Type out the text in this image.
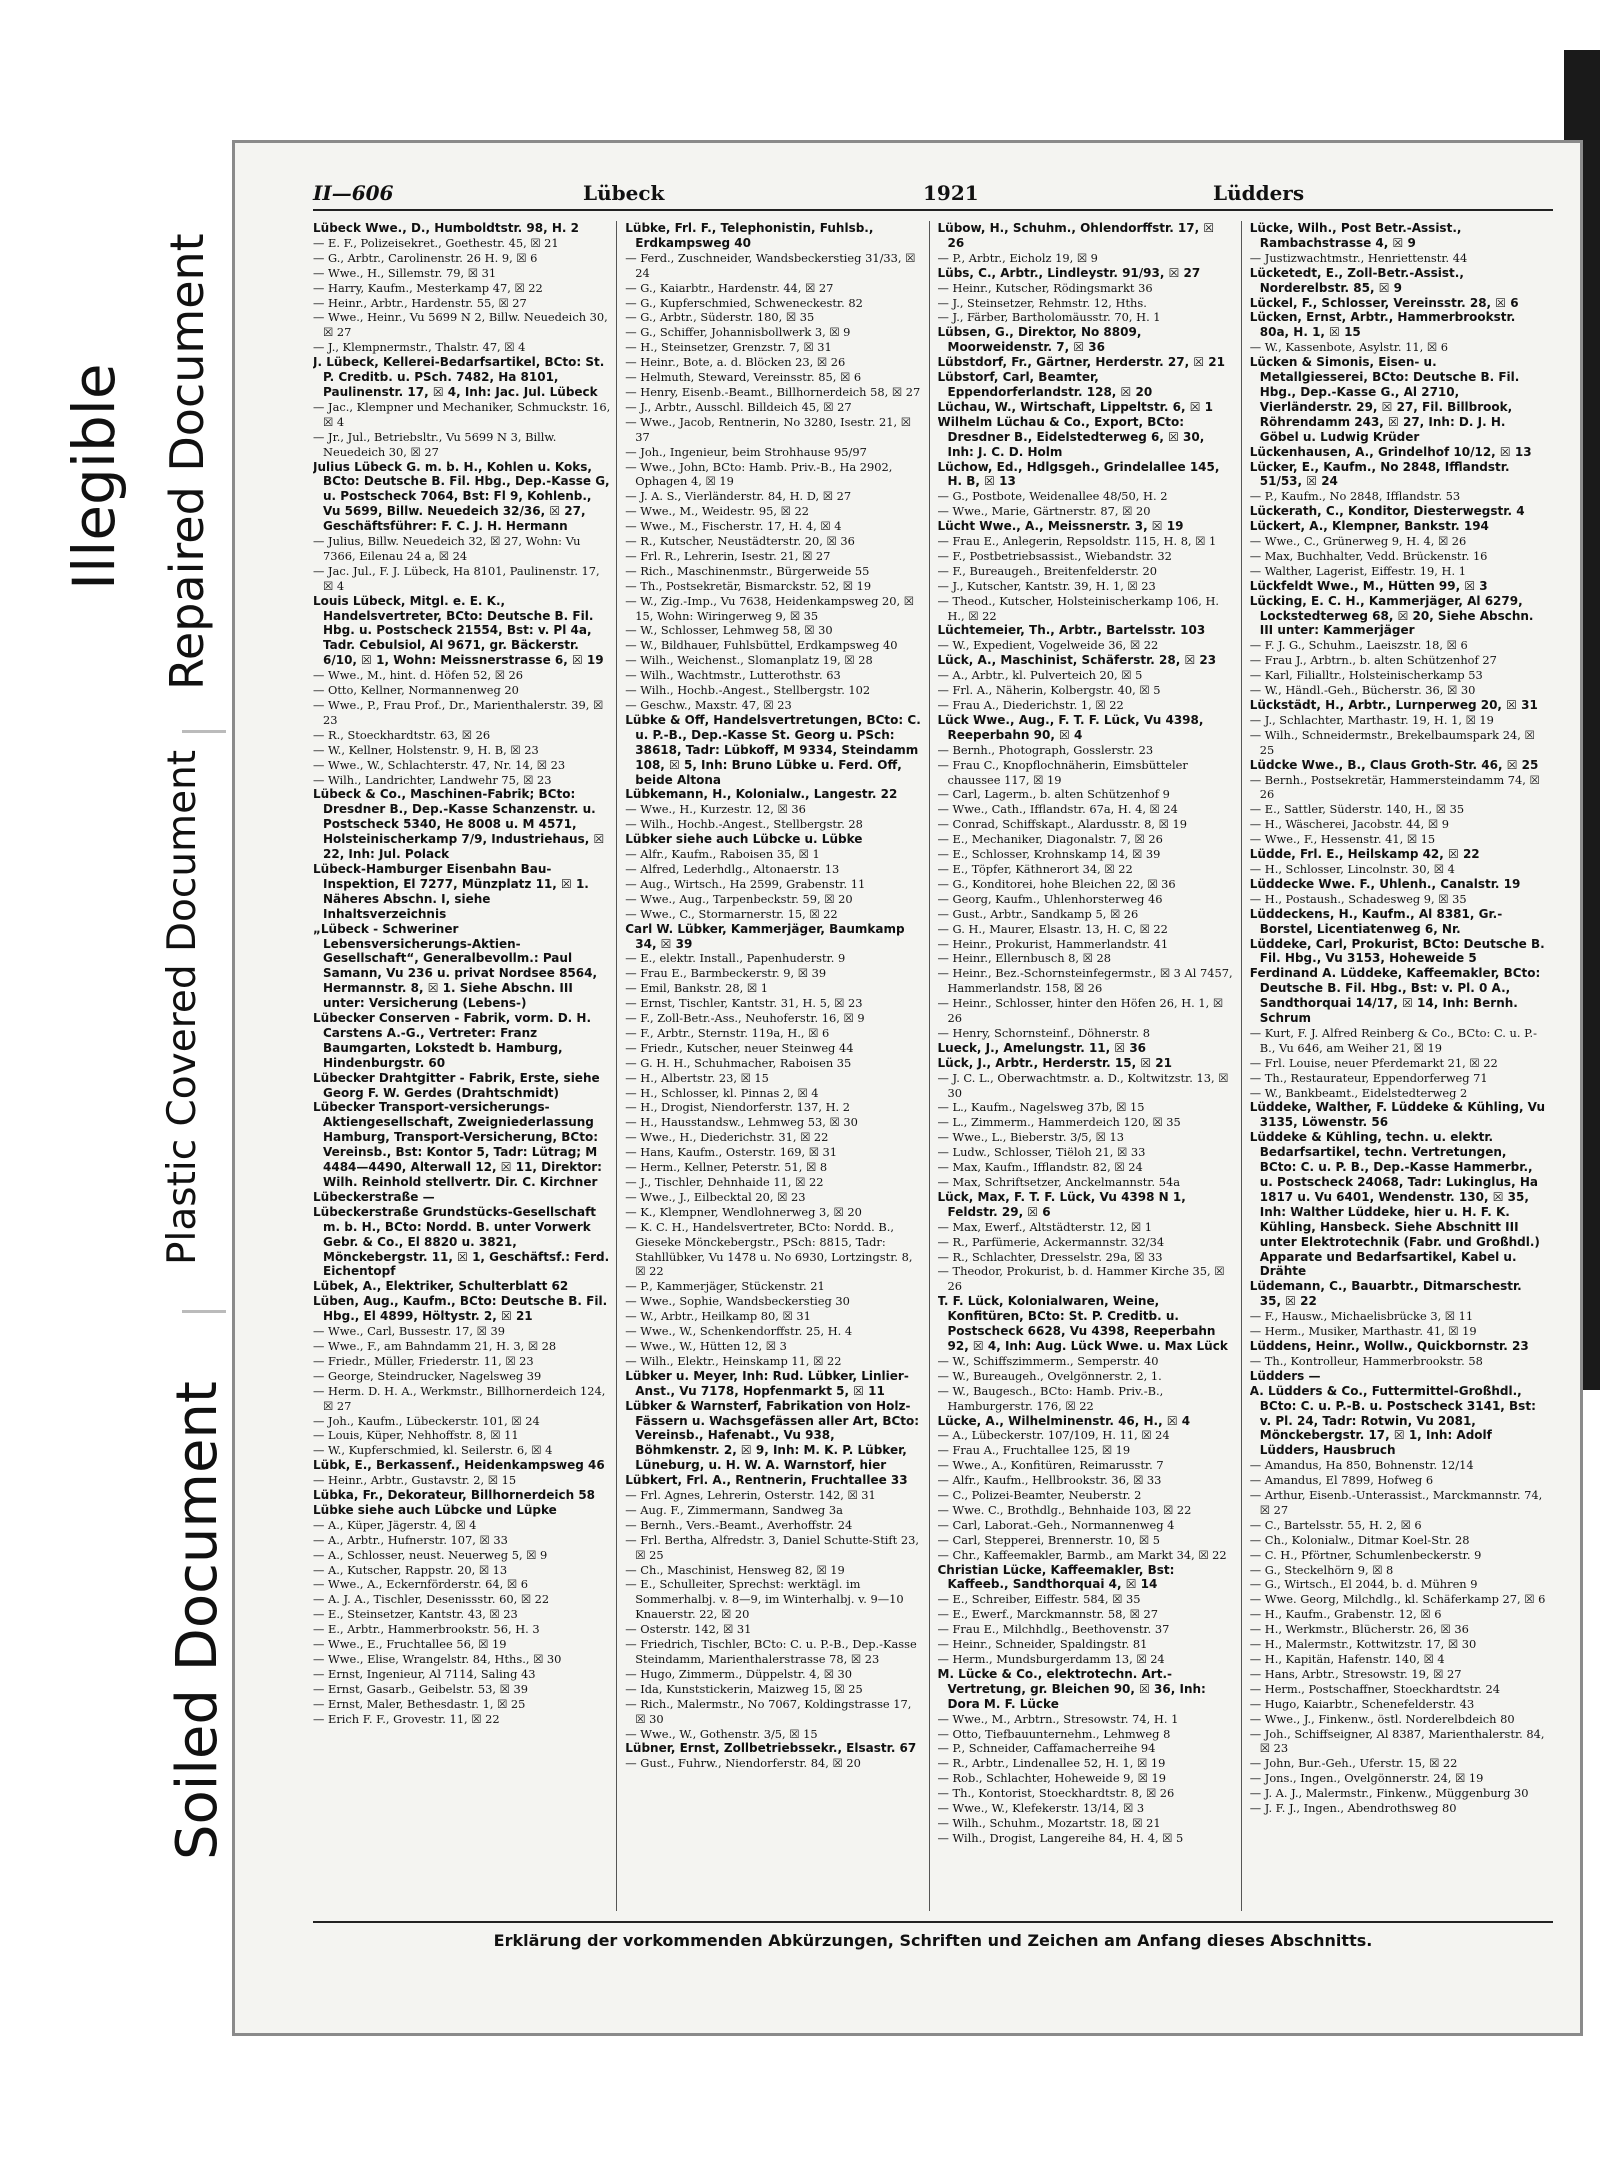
Illegible Repaired Document
Plastic Covered Document
Soiled Document
II—606	Lübeck	1921	Lüdders

Lübeck Wwe., D., Humboldtstr. 98, H. 2

— E. F., Polizeisekret., Goethestr. 45, ☒ 21

— G., Arbtr., Carolinenstr. 26 H. 9, ☒ 6

— Wwe., H., Sillemstr. 79, ☒ 31

— Harry, Kaufm., Mesterkamp 47, ☒ 22

— Heinr., Arbtr., Hardenstr. 55, ☒ 27

— Wwe., Heinr., Vu 5699 N 2, Billw. Neuedeich 30, ☒ 27

— J., Klempnermstr., Thalstr. 47, ☒ 4

J. Lübeck, Kellerei-Bedarfsartikel, BCto: St. P. Creditb. u. PSch. 7482, Ha 8101, Paulinenstr. 17, ☒ 4, Inh: Jac. Jul. Lübeck

— Jac., Klempner und Mechaniker, Schmuckstr. 16, ☒ 4

— Jr., Jul., Betriebsltr., Vu 5699 N 3, Billw. Neuedeich 30, ☒ 27

Julius Lübeck G. m. b. H., Kohlen u. Koks, BCto: Deutsche B. Fil. Hbg., Dep.-Kasse G, u. Postscheck 7064, Bst: Fl 9, Kohlenb., Vu 5699, Billw. Neuedeich 32/36, ☒ 27, Geschäftsführer: F. C. J. H. Hermann

— Julius, Billw. Neuedeich 32, ☒ 27, Wohn: Vu 7366, Eilenau 24 a, ☒ 24

— Jac. Jul., F. J. Lübeck, Ha 8101, Paulinenstr. 17, ☒ 4

Louis Lübeck, Mitgl. e. E. K., Handelsvertreter, BCto: Deutsche B. Fil. Hbg. u. Postscheck 21554, Bst: v. Pl 4a, Tadr. Cebulsiol, Al 9671, gr. Bäckerstr. 6/10, ☒ 1, Wohn: Meissnerstrasse 6, ☒ 19

— Wwe., M., hint. d. Höfen 52, ☒ 26

— Otto, Kellner, Normannenweg 20

— Wwe., P., Frau Prof., Dr., Marienthalerstr. 39, ☒ 23

— R., Stoeckhardtstr. 63, ☒ 26

— W., Kellner, Holstenstr. 9, H. B, ☒ 23

— Wwe., W., Schlachterstr. 47, Nr. 14, ☒ 23

— Wilh., Landrichter, Landwehr 75, ☒ 23

Lübeck & Co., Maschinen-Fabrik; BCto: Dresdner B., Dep.-Kasse Schanzenstr. u. Postscheck 5340, He 8008 u. M 4571, Holsteinischerkamp 7/9, Industriehaus, ☒ 22, Inh: Jul. Polack

Lübeck-Hamburger Eisenbahn Bau-Inspektion, El 7277, Münzplatz 11, ☒ 1. Näheres Abschn. I, siehe Inhaltsverzeichnis

„Lübeck - Schweriner Lebensversicherungs-Aktien-Gesellschaft“, Generalbevollm.: Paul Samann, Vu 236 u. privat Nordsee 8564, Hermannstr. 8, ☒ 1. Siehe Abschn. III unter: Versicherung (Lebens-)

Lübecker Conserven - Fabrik, vorm. D. H. Carstens A.-G., Vertreter: Franz Baumgarten, Lokstedt b. Hamburg, Hindenburgstr. 60

Lübecker Drahtgitter - Fabrik, Erste, siehe Georg F. W. Gerdes (Drahtschmidt)

Lübecker Transport-versicherungs-Aktiengesellschaft, Zweigniederlassung Hamburg, Transport-Versicherung, BCto: Vereinsb., Bst: Kontor 5, Tadr: Lütrag; M 4484—4490, Alterwall 12, ☒ 11, Direktor: Wilh. Reinhold stellvertr. Dir. C. Kirchner

Lübeckerstraße —

Lübeckerstraße Grundstücks-Gesellschaft m. b. H., BCto: Nordd. B. unter Vorwerk Gebr. & Co., El 8820 u. 3821, Mönckebergstr. 11, ☒ 1, Geschäftsf.: Ferd. Eichentopf

Lübek, A., Elektriker, Schulterblatt 62

Lüben, Aug., Kaufm., BCto: Deutsche B. Fil. Hbg., El 4899, Höltystr. 2, ☒ 21

— Wwe., Carl, Bussestr. 17, ☒ 39

— Wwe., F., am Bahndamm 21, H. 3, ☒ 28

— Friedr., Müller, Friederstr. 11, ☒ 23

— George, Steindrucker, Nagelsweg 39

— Herm. D. H. A., Werkmstr., Billhornerdeich 124, ☒ 27

— Joh., Kaufm., Lübeckerstr. 101, ☒ 24

— Louis, Küper, Nehhoffstr. 8, ☒ 11

— W., Kupferschmied, kl. Seilerstr. 6, ☒ 4

Lübk, E., Berkassenf., Heidenkampsweg 46

— Heinr., Arbtr., Gustavstr. 2, ☒ 15

Lübka, Fr., Dekorateur, Billhornerdeich 58

Lübke siehe auch Lübcke und Lüpke

— A., Küper, Jägerstr. 4, ☒ 4

— A., Arbtr., Hufnerstr. 107, ☒ 33

— A., Schlosser, neust. Neuerweg 5, ☒ 9

— A., Kutscher, Rappstr. 20, ☒ 13

— Wwe., A., Eckernförderstr. 64, ☒ 6

— A. J. A., Tischler, Desenissstr. 60, ☒ 22

— E., Steinsetzer, Kantstr. 43, ☒ 23

— E., Arbtr., Hammerbrookstr. 56, H. 3

— Wwe., E., Fruchtallee 56, ☒ 19

— Wwe., Elise, Wrangelstr. 84, Hths., ☒ 30

— Ernst, Ingenieur, Al 7114, Saling 43

— Ernst, Gasarb., Geibelstr. 53, ☒ 39

— Ernst, Maler, Bethesdastr. 1, ☒ 25

— Erich F. F., Grovestr. 11, ☒ 22

Lübke, Frl. F., Telephonistin, Fuhlsb., Erdkampsweg 40

— Ferd., Zuschneider, Wandsbeckerstieg 31/33, ☒ 24

— G., Kaiarbtr., Hardenstr. 44, ☒ 27

— G., Kupferschmied, Schweneckestr. 82

— G., Arbtr., Süderstr. 180, ☒ 35

— G., Schiffer, Johannisbollwerk 3, ☒ 9

— H., Steinsetzer, Grenzstr. 7, ☒ 31

— Heinr., Bote, a. d. Blöcken 23, ☒ 26

— Helmuth, Steward, Vereinsstr. 85, ☒ 6

— Henry, Eisenb.-Beamt., Billhornerdeich 58, ☒ 27

— J., Arbtr., Ausschl. Billdeich 45, ☒ 27

— Wwe., Jacob, Rentnerin, No 3280, Isestr. 21, ☒ 37

— Joh., Ingenieur, beim Strohhause 95/97

— Wwe., John, BCto: Hamb. Priv.-B., Ha 2902, Ophagen 4, ☒ 19

— J. A. S., Vierländerstr. 84, H. D, ☒ 27

— Wwe., M., Weidestr. 95, ☒ 22

— Wwe., M., Fischerstr. 17, H. 4, ☒ 4

— R., Kutscher, Neustädterstr. 20, ☒ 36

— Frl. R., Lehrerin, Isestr. 21, ☒ 27

— Rich., Maschinenmstr., Bürgerweide 55

— Th., Postsekretär, Bismarckstr. 52, ☒ 19

— W., Zig.-Imp., Vu 7638, Heidenkampsweg 20, ☒ 15, Wohn: Wiringerweg 9, ☒ 35

— W., Schlosser, Lehmweg 58, ☒ 30

— W., Bildhauer, Fuhlsbüttel, Erdkampsweg 40

— Wilh., Weichenst., Slomanplatz 19, ☒ 28

— Wilh., Wachtmstr., Lutterothstr. 63

— Wilh., Hochb.-Angest., Stellbergstr. 102

— Geschw., Maxstr. 47, ☒ 23

Lübke & Off, Handelsvertretungen, BCto: C. u. P.-B., Dep.-Kasse St. Georg u. PSch: 38618, Tadr: Lübkoff, M 9334, Steindamm 108, ☒ 5, Inh: Bruno Lübke u. Ferd. Off, beide Altona

Lübkemann, H., Kolonialw., Langestr. 22

— Wwe., H., Kurzestr. 12, ☒ 36

— Wilh., Hochb.-Angest., Stellbergstr. 28

Lübker siehe auch Lübcke u. Lübke

— Alfr., Kaufm., Raboisen 35, ☒ 1

— Alfred, Lederhdlg., Altonaerstr. 13

— Aug., Wirtsch., Ha 2599, Grabenstr. 11

— Wwe., Aug., Tarpenbeckstr. 59, ☒ 20

— Wwe., C., Stormarnerstr. 15, ☒ 22

Carl W. Lübker, Kammerjäger, Baumkamp 34, ☒ 39

— E., elektr. Install., Papenhuderstr. 9

— Frau E., Barmbeckerstr. 9, ☒ 39

— Emil, Bankstr. 28, ☒ 1

— Ernst, Tischler, Kantstr. 31, H. 5, ☒ 23

— F., Zoll-Betr.-Ass., Neuhoferstr. 16, ☒ 9

— F., Arbtr., Sternstr. 119a, H., ☒ 6

— Friedr., Kutscher, neuer Steinweg 44

— G. H. H., Schuhmacher, Raboisen 35

— H., Albertstr. 23, ☒ 15

— H., Schlosser, kl. Pinnas 2, ☒ 4

— H., Drogist, Niendorferstr. 137, H. 2

— H., Hausstandsw., Lehmweg 53, ☒ 30

— Wwe., H., Diederichstr. 31, ☒ 22

— Hans, Kaufm., Osterstr. 169, ☒ 31

— Herm., Kellner, Peterstr. 51, ☒ 8

— J., Tischler, Dehnhaide 11, ☒ 22

— Wwe., J., Eilbecktal 20, ☒ 23

— K., Klempner, Wendlohnerweg 3, ☒ 20

— K. C. H., Handelsvertreter, BCto: Nordd. B., Gieseke Mönckebergstr., PSch: 8815, Tadr: Stahllübker, Vu 1478 u. No 6930, Lortzingstr. 8, ☒ 22

— P., Kammerjäger, Stückenstr. 21

— Wwe., Sophie, Wandsbeckerstieg 30

— W., Arbtr., Heilkamp 80, ☒ 31

— Wwe., W., Schenkendorffstr. 25, H. 4

— Wwe., W., Hütten 12, ☒ 3

— Wilh., Elektr., Heinskamp 11, ☒ 22

Lübker u. Meyer, Inh: Rud. Lübker, Linlier-Anst., Vu 7178, Hopfenmarkt 5, ☒ 11

Lübker & Warnsterf, Fabrikation von Holz-Fässern u. Wachsgefässen aller Art, BCto: Vereinsb., Hafenabt., Vu 938, Böhmkenstr. 2, ☒ 9, Inh: M. K. P. Lübker, Lüneburg, u. H. W. A. Warnstorf, hier

Lübkert, Frl. A., Rentnerin, Fruchtallee 33

— Frl. Agnes, Lehrerin, Osterstr. 142, ☒ 31

— Aug. F., Zimmermann, Sandweg 3a

— Bernh., Vers.-Beamt., Averhoffstr. 24

— Frl. Bertha, Alfredstr. 3, Daniel Schutte-Stift 23, ☒ 25

— Ch., Maschinist, Hensweg 82, ☒ 19

— E., Schulleiter, Sprechst: werktägl. im Sommerhalbj. v. 8—9, im Winterhalbj. v. 9—10 Knauerstr. 22, ☒ 20

— Osterstr. 142, ☒ 31

— Friedrich, Tischler, BCto: C. u. P.-B., Dep.-Kasse Steindamm, Marienthalerstrasse 78, ☒ 23

— Hugo, Zimmerm., Düppelstr. 4, ☒ 30

— Ida, Kunststickerin, Maizweg 15, ☒ 25

— Rich., Malermstr., No 7067, Koldingstrasse 17, ☒ 30

— Wwe., W., Gothenstr. 3/5, ☒ 15

Lübner, Ernst, Zollbetriebssekr., Elsastr. 67

— Gust., Fuhrw., Niendorferstr. 84, ☒ 20

Lübow, H., Schuhm., Ohlendorffstr. 17, ☒ 26

— P., Arbtr., Eicholz 19, ☒ 9

Lübs, C., Arbtr., Lindleystr. 91/93, ☒ 27

— Heinr., Kutscher, Rödingsmarkt 36

— J., Steinsetzer, Rehmstr. 12, Hths.

— J., Färber, Bartholomäusstr. 70, H. 1

Lübsen, G., Direktor, No 8809, Moorweidenstr. 7, ☒ 36

Lübstdorf, Fr., Gärtner, Herderstr. 27, ☒ 21

Lübstorf, Carl, Beamter, Eppendorferlandstr. 128, ☒ 20

Lüchau, W., Wirtschaft, Lippeltstr. 6, ☒ 1

Wilhelm Lüchau & Co., Export, BCto: Dresdner B., Eidelstedterweg 6, ☒ 30, Inh: J. C. D. Holm

Lüchow, Ed., Hdlgsgeh., Grindelallee 145, H. B, ☒ 13

— G., Postbote, Weidenallee 48/50, H. 2

— Wwe., Marie, Gärtnerstr. 87, ☒ 20

Lücht Wwe., A., Meissnerstr. 3, ☒ 19

— Frau E., Anlegerin, Repsoldstr. 115, H. 8, ☒ 1

— F., Postbetriebsassist., Wiebandstr. 32

— F., Bureaugeh., Breitenfelderstr. 20

— J., Kutscher, Kantstr. 39, H. 1, ☒ 23

— Theod., Kutscher, Holsteinischerkamp 106, H. H., ☒ 22

Lüchtemeier, Th., Arbtr., Bartelsstr. 103

— W., Expedient, Vogelweide 36, ☒ 22

Lück, A., Maschinist, Schäferstr. 28, ☒ 23

— A., Arbtr., kl. Pulverteich 20, ☒ 5

— Frl. A., Näherin, Kolbergstr. 40, ☒ 5

— Frau A., Diederichstr. 1, ☒ 22

Lück Wwe., Aug., F. T. F. Lück, Vu 4398, Reeperbahn 90, ☒ 4

— Bernh., Photograph, Gosslerstr. 23

— Frau C., Knopflochnäherin, Eimsbütteler chaussee 117, ☒ 19

— Carl, Lagerm., b. alten Schützenhof 9

— Wwe., Cath., Ifflandstr. 67a, H. 4, ☒ 24

— Conrad, Schiffskapt., Alardusstr. 8, ☒ 19

— E., Mechaniker, Diagonalstr. 7, ☒ 26

— E., Schlosser, Krohnskamp 14, ☒ 39

— E., Töpfer, Käthnerort 34, ☒ 22

— G., Konditorei, hohe Bleichen 22, ☒ 36

— Georg, Kaufm., Uhlenhorsterweg 46

— Gust., Arbtr., Sandkamp 5, ☒ 26

— G. H., Maurer, Elsastr. 13, H. C, ☒ 22

— Heinr., Prokurist, Hammerlandstr. 41

— Heinr., Ellernbusch 8, ☒ 28

— Heinr., Bez.-Schornsteinfegermstr., ☒ 3 Al 7457, Hammerlandstr. 158, ☒ 26

— Heinr., Schlosser, hinter den Höfen 26, H. 1, ☒ 26

— Henry, Schornsteinf., Döhnerstr. 8

Lueck, J., Amelungstr. 11, ☒ 36

Lück, J., Arbtr., Herderstr. 15, ☒ 21

— J. C. L., Oberwachtmstr. a. D., Koltwitzstr. 13, ☒ 30

— L., Kaufm., Nagelsweg 37b, ☒ 15

— L., Zimmerm., Hammerdeich 120, ☒ 35

— Wwe., L., Bieberstr. 3/5, ☒ 13

— Ludw., Schlosser, Tiëloh 21, ☒ 33

— Max, Kaufm., Ifflandstr. 82, ☒ 24

— Max, Schriftsetzer, Anckelmannstr. 54a

Lück, Max, F. T. F. Lück, Vu 4398 N 1, Feldstr. 29, ☒ 6

— Max, Ewerf., Altstädterstr. 12, ☒ 1

— R., Parfümerie, Ackermannstr. 32/34

— R., Schlachter, Dresselstr. 29a, ☒ 33

— Theodor, Prokurist, b. d. Hammer Kirche 35, ☒ 26

T. F. Lück, Kolonialwaren, Weine, Konfitüren, BCto: St. P. Creditb. u. Postscheck 6628, Vu 4398, Reeperbahn 92, ☒ 4, Inh: Aug. Lück Wwe. u. Max Lück

— W., Schiffszimmerm., Semperstr. 40

— W., Bureaugeh., Ovelgönnerstr. 2, 1.

— W., Baugesch., BCto: Hamb. Priv.-B., Hamburgerstr. 176, ☒ 22

Lücke, A., Wilhelminenstr. 46, H., ☒ 4

— A., Lübeckerstr. 107/109, H. 11, ☒ 24

— Frau A., Fruchtallee 125, ☒ 19

— Wwe., A., Konfitüren, Reimarusstr. 7

— Alfr., Kaufm., Hellbrookstr. 36, ☒ 33

— C., Polizei-Beamter, Neuberstr. 2

— Wwe. C., Brothdlg., Behnhaide 103, ☒ 22

— Carl, Laborat.-Geh., Normannenweg 4

— Carl, Stepperei, Brennerstr. 10, ☒ 5

— Chr., Kaffeemakler, Barmb., am Markt 34, ☒ 22

Christian Lücke, Kaffeemakler, Bst: Kaffeeb., Sandthorquai 4, ☒ 14

— E., Schreiber, Eiffestr. 584, ☒ 35

— E., Ewerf., Marckmannstr. 58, ☒ 27

— Frau E., Milchhdlg., Beethovenstr. 37

— Heinr., Schneider, Spaldingstr. 81

— Herm., Mundsburgerdamm 13, ☒ 24

M. Lücke & Co., elektrotechn. Art.-Vertretung, gr. Bleichen 90, ☒ 36, Inh: Dora M. F. Lücke

— Wwe., M., Arbtrn., Stresowstr. 74, H. 1

— Otto, Tiefbauunternehm., Lehmweg 8

— P., Schneider, Caffamacherreihe 94

— R., Arbtr., Lindenallee 52, H. 1, ☒ 19

— Rob., Schlachter, Hoheweide 9, ☒ 19

— Th., Kontorist, Stoeckhardtstr. 8, ☒ 26

— Wwe., W., Klefekerstr. 13/14, ☒ 3

— Wilh., Schuhm., Mozartstr. 18, ☒ 21

— Wilh., Drogist, Langereihe 84, H. 4, ☒ 5

Lücke, Wilh., Post Betr.-Assist., Rambachstrasse 4, ☒ 9

— Justizwachtmstr., Henriettenstr. 44

Lücketedt, E., Zoll-Betr.-Assist., Norderelbstr. 85, ☒ 9

Lückel, F., Schlosser, Vereinsstr. 28, ☒ 6

Lücken, Ernst, Arbtr., Hammerbrookstr. 80a, H. 1, ☒ 15

— W., Kassenbote, Asylstr. 11, ☒ 6

Lücken & Simonis, Eisen- u. Metallgiesserei, BCto: Deutsche B. Fil. Hbg., Dep.-Kasse G., Al 2710, Vierländerstr. 29, ☒ 27, Fil. Billbrook, Röhrendamm 243, ☒ 27, Inh: D. J. H. Göbel u. Ludwig Krüder

Lückenhausen, A., Grindelhof 10/12, ☒ 13

Lücker, E., Kaufm., No 2848, Ifflandstr. 51/53, ☒ 24

— P., Kaufm., No 2848, Ifflandstr. 53

Lückerath, C., Konditor, Diesterwegstr. 4

Lückert, A., Klempner, Bankstr. 194

— Wwe., C., Grünerweg 9, H. 4, ☒ 26

— Max, Buchhalter, Vedd. Brückenstr. 16

— Walther, Lagerist, Eiffestr. 19, H. 1

Lückfeldt Wwe., M., Hütten 99, ☒ 3

Lücking, E. C. H., Kammerjäger, Al 6279, Lockstedterweg 68, ☒ 20, Siehe Abschn. III unter: Kammerjäger

— F. J. G., Schuhm., Laeiszstr. 18, ☒ 6

— Frau J., Arbtrn., b. alten Schützenhof 27

— Karl, Filialltr., Holsteinischerkamp 53

— W., Händl.-Geh., Bücherstr. 36, ☒ 30

Lückstädt, H., Arbtr., Lurnperweg 20, ☒ 31

— J., Schlachter, Marthastr. 19, H. 1, ☒ 19

— Wilh., Schneidermstr., Brekelbaumspark 24, ☒ 25

Lüdcke Wwe., B., Claus Groth-Str. 46, ☒ 25

— Bernh., Postsekretär, Hammersteindamm 74, ☒ 26

— E., Sattler, Süderstr. 140, H., ☒ 35

— H., Wäscherei, Jacobstr. 44, ☒ 9

— Wwe., F., Hessenstr. 41, ☒ 15

Lüdde, Frl. E., Heilskamp 42, ☒ 22

— H., Schlosser, Lincolnstr. 30, ☒ 4

Lüddecke Wwe. F., Uhlenh., Canalstr. 19

— H., Postaush., Schadesweg 9, ☒ 35

Lüddeckens, H., Kaufm., Al 8381, Gr.-Borstel, Licentiatenweg 6, Nr.

Lüddeke, Carl, Prokurist, BCto: Deutsche B. Fil. Hbg., Vu 3153, Hoheweide 5

Ferdinand A. Lüddeke, Kaffeemakler, BCto: Deutsche B. Fil. Hbg., Bst: v. Pl. 0 A., Sandthorquai 14/17, ☒ 14, Inh: Bernh. Schrum

— Kurt, F. J. Alfred Reinberg & Co., BCto: C. u. P.-B., Vu 646, am Weiher 21, ☒ 19

— Frl. Louise, neuer Pferdemarkt 21, ☒ 22

— Th., Restaurateur, Eppendorferweg 71

— W., Bankbeamt., Eidelstedterweg 2

Lüddeke, Walther, F. Lüddeke & Kühling, Vu 3135, Löwenstr. 56

Lüddeke & Kühling, techn. u. elektr. Bedarfsartikel, techn. Vertretungen, BCto: C. u. P. B., Dep.-Kasse Hammerbr., u. Postscheck 24068, Tadr: Lukinglus, Ha 1817 u. Vu 6401, Wendenstr. 130, ☒ 35, Inh: Walther Lüddeke, hier u. H. F. K. Kühling, Hansbeck. Siehe Abschnitt III unter Elektrotechnik (Fabr. und Großhdl.) Apparate und Bedarfsartikel, Kabel u. Drähte

Lüdemann, C., Bauarbtr., Ditmarschestr. 35, ☒ 22

— F., Hausw., Michaelisbrücke 3, ☒ 11

— Herm., Musiker, Marthastr. 41, ☒ 19

Lüddens, Heinr., Wollw., Quickbornstr. 23

— Th., Kontrolleur, Hammerbrookstr. 58

Lüdders —

A. Lüdders & Co., Futtermittel-Großhdl., BCto: C. u. P.-B. u. Postscheck 3141, Bst: v. Pl. 24, Tadr: Rotwin, Vu 2081, Mönckebergstr. 17, ☒ 1, Inh: Adolf Lüdders, Hausbruch

— Amandus, Ha 850, Bohnenstr. 12/14

— Amandus, El 7899, Hofweg 6

— Arthur, Eisenb.-Unterassist., Marckmannstr. 74, ☒ 27

— C., Bartelsstr. 55, H. 2, ☒ 6

— Ch., Kolonialw., Ditmar Koel-Str. 28

— C. H., Pförtner, Schumlenbeckerstr. 9

— G., Steckelhörn 9, ☒ 8

— G., Wirtsch., El 2044, b. d. Mühren 9

— Wwe. Georg, Milchdlg., kl. Schäferkamp 27, ☒ 6

— H., Kaufm., Grabenstr. 12, ☒ 6

— H., Werkmstr., Blücherstr. 26, ☒ 36

— H., Malermstr., Kottwitzstr. 17, ☒ 30

— H., Kapitän, Hafenstr. 140, ☒ 4

— Hans, Arbtr., Stresowstr. 19, ☒ 27

— Herm., Postschaffner, Stoeckhardtstr. 24

— Hugo, Kaiarbtr., Schenefelderstr. 43

— Wwe., J., Finkenw., östl. Norderelbdeich 80

— Joh., Schiffseigner, Al 8387, Marienthalerstr. 84, ☒ 23

— John, Bur.-Geh., Uferstr. 15, ☒ 22

— Jons., Ingen., Ovelgönnerstr. 24, ☒ 19

— J. A. J., Malermstr., Finkenw., Müggenburg 30

— J. F. J., Ingen., Abendrothsweg 80

Erklärung der vorkommenden Abkürzungen, Schriften und Zeichen am Anfang dieses Abschnitts.
